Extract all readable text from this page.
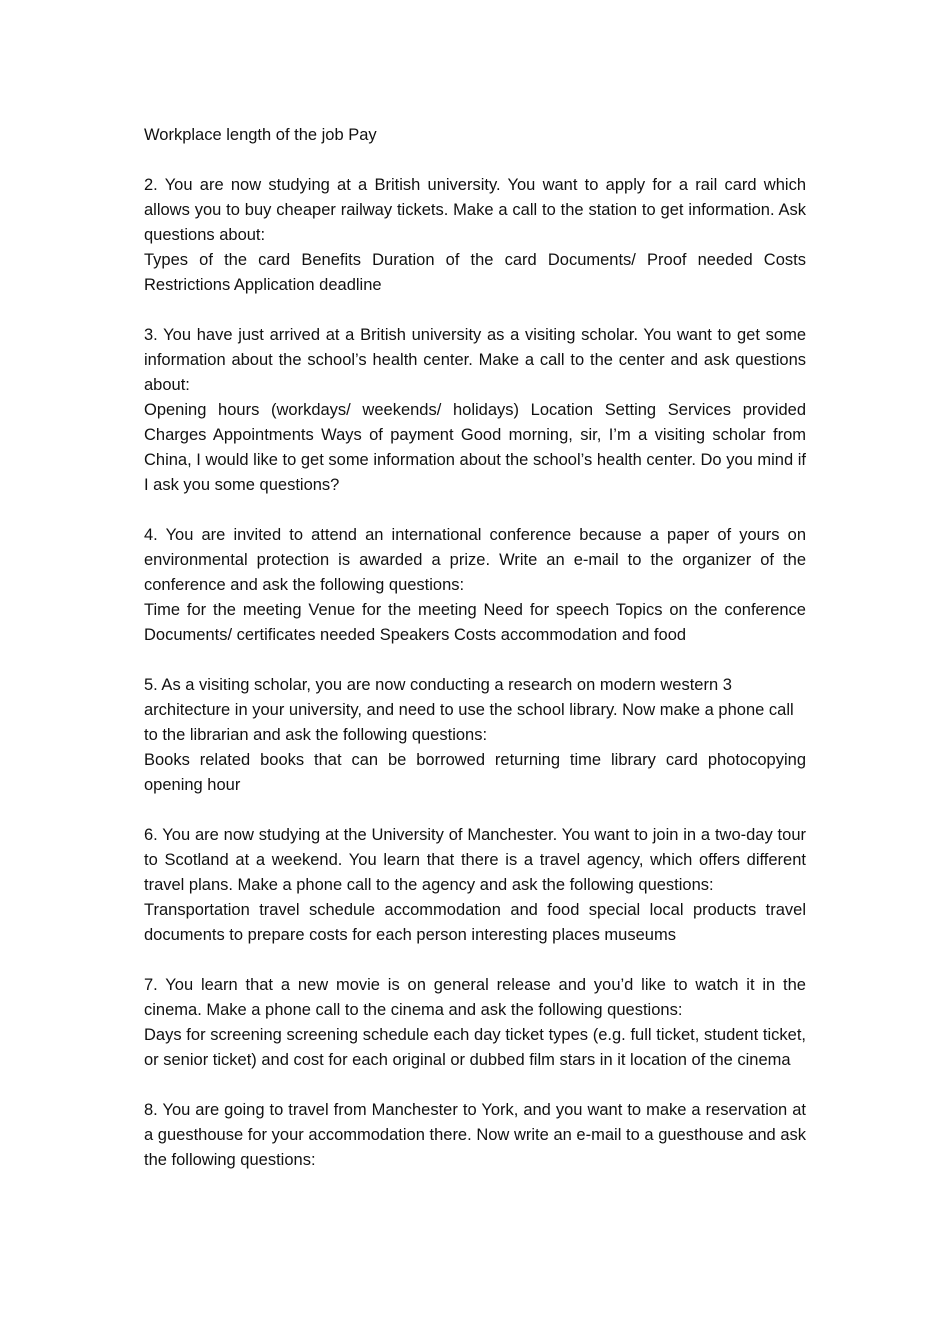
Workplace length of the job Pay

2. You are now studying at a British university. You want to apply for a rail card which allows you to buy cheaper railway tickets. Make a call to the station to get information. Ask questions about:

Types of the card Benefits Duration of the card Documents/ Proof needed Costs Restrictions Application deadline

3. You have just arrived at a British university as a visiting scholar. You want to get some information about the school’s health center. Make a call to the center and ask questions about:

Opening hours (workdays/ weekends/ holidays) Location Setting Services provided Charges Appointments Ways of payment Good morning, sir, I’m a visiting scholar from China, I would like to get some information about the school’s health center. Do you mind if I ask you some questions?

4. You are invited to attend an international conference because a paper of yours on environmental protection is awarded a prize. Write an e-mail to the organizer of the conference and ask the following questions:

Time for the meeting Venue for the meeting Need for speech Topics on the conference Documents/ certificates needed Speakers Costs accommodation and food

5. As a visiting scholar, you are now conducting a research on modern western 3 architecture in your university, and need to use the school library. Now make a phone call to the librarian and ask the following questions:

Books related books that can be borrowed returning time library card photocopying opening hour

6. You are now studying at the University of Manchester. You want to join in a two-day tour to Scotland at a weekend. You learn that there is a travel agency, which offers different travel plans. Make a phone call to the agency and ask the following questions:

Transportation travel schedule accommodation and food special local products travel documents to prepare costs for each person interesting places museums

7. You learn that a new movie is on general release and you’d like to watch it in the cinema. Make a phone call to the cinema and ask the following questions:

Days for screening screening schedule each day ticket types (e.g. full ticket, student ticket, or senior ticket) and cost for each original or dubbed film stars in it location of the cinema

8. You are going to travel from Manchester to York, and you want to make a reservation at a guesthouse for your accommodation there. Now write an e-mail to a guesthouse and ask the following questions:
